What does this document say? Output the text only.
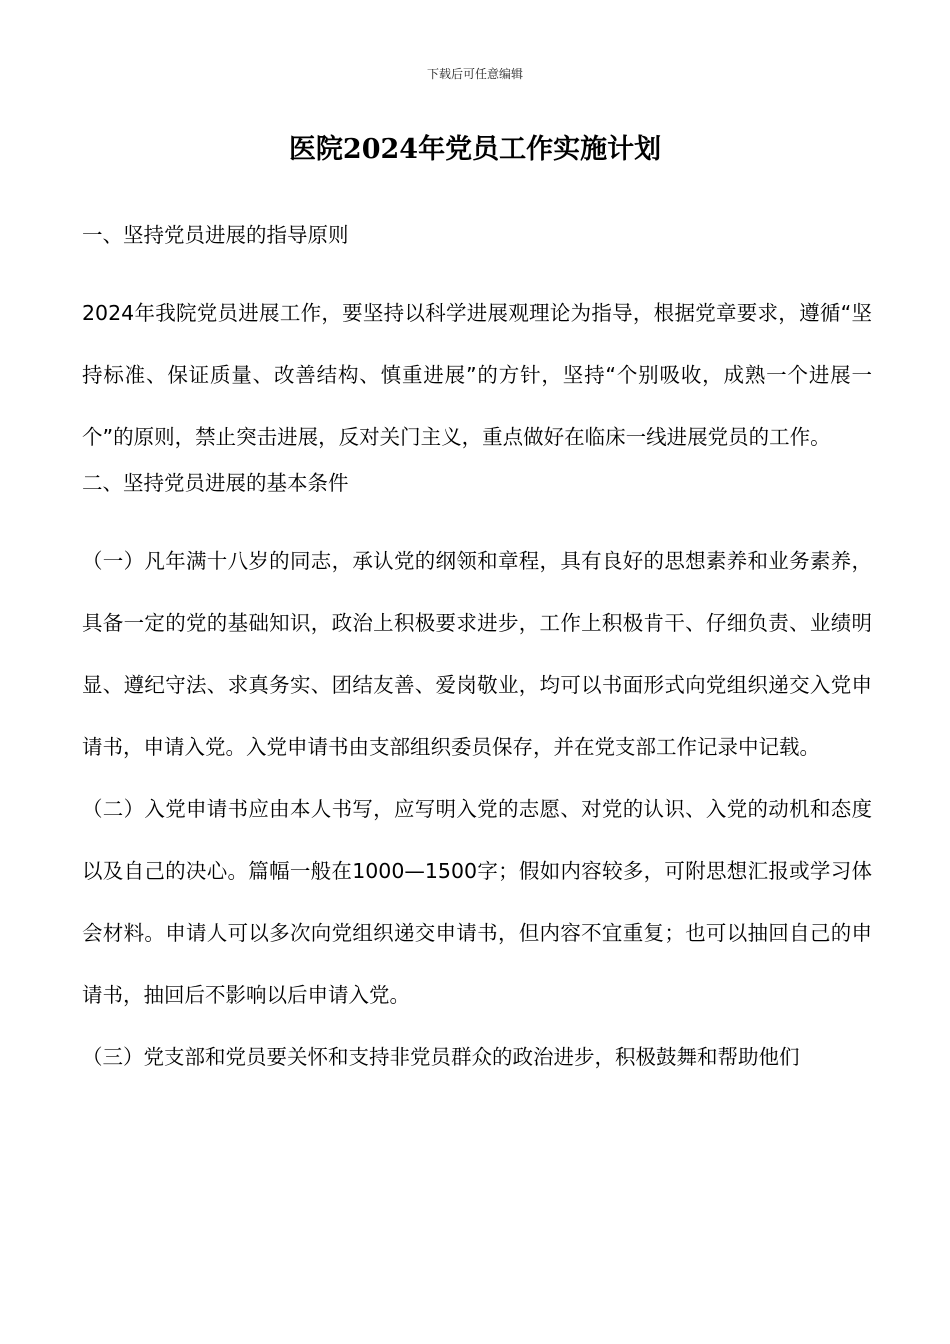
下载后可任意编辑
医院2024年党员工作实施计划
一、坚持党员进展的指导原则

2024年我院党员进展工作，要坚持以科学进展观理论为指导，根据党章要求，遵循“坚持标准、保证质量、改善结构、慎重进展”的方针，坚持“个别吸收，成熟一个进展一个”的原则，禁止突击进展，反对关门主义，重点做好在临床一线进展党员的工作。

二、坚持党员进展的基本条件

（一）凡年满十八岁的同志，承认党的纲领和章程，具有良好的思想素养和业务素养，具备一定的党的基础知识，政治上积极要求进步，工作上积极肯干、仔细负责、业绩明显、遵纪守法、求真务实、团结友善、爱岗敬业，均可以书面形式向党组织递交入党申请书，申请入党。入党申请书由支部组织委员保存，并在党支部工作记录中记载。

（二）入党申请书应由本人书写，应写明入党的志愿、对党的认识、入党的动机和态度以及自己的决心。篇幅一般在1000—1500字；假如内容较多，可附思想汇报或学习体会材料。申请人可以多次向党组织递交申请书，但内容不宜重复；也可以抽回自己的申请书，抽回后不影响以后申请入党。

（三）党支部和党员要关怀和支持非党员群众的政治进步，积极鼓舞和帮助他们
